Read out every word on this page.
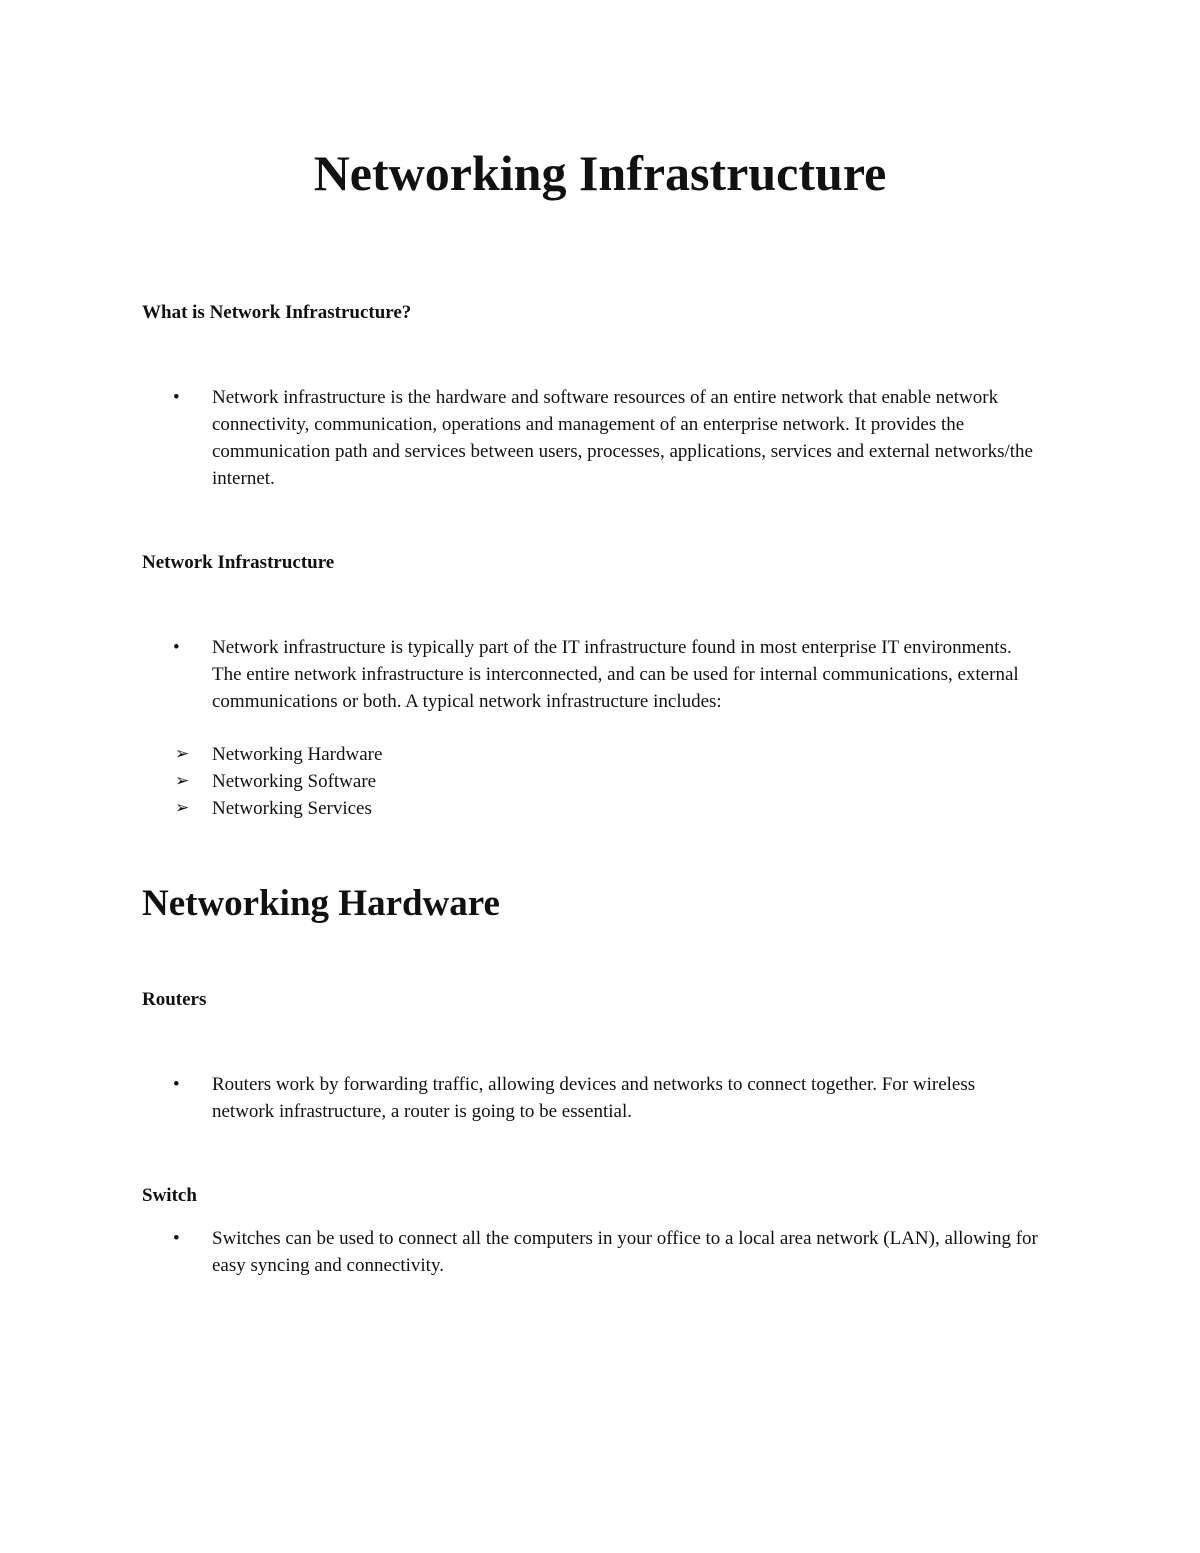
Networking Infrastructure
What is Network Infrastructure?
• Network infrastructure is the hardware and software resources of an entire network that enable network connectivity, communication, operations and management of an enterprise network. It provides the communication path and services between users, processes, applications, services and external networks/the internet.
Network Infrastructure
• Network infrastructure is typically part of the IT infrastructure found in most enterprise IT environments. The entire network infrastructure is interconnected, and can be used for internal communications, external communications or both. A typical network infrastructure includes:
➢ Networking Hardware
➢ Networking Software
➢ Networking Services
Networking Hardware
Routers
• Routers work by forwarding traffic, allowing devices and networks to connect together. For wireless network infrastructure, a router is going to be essential.
Switch
• Switches can be used to connect all the computers in your office to a local area network (LAN), allowing for easy syncing and connectivity.
